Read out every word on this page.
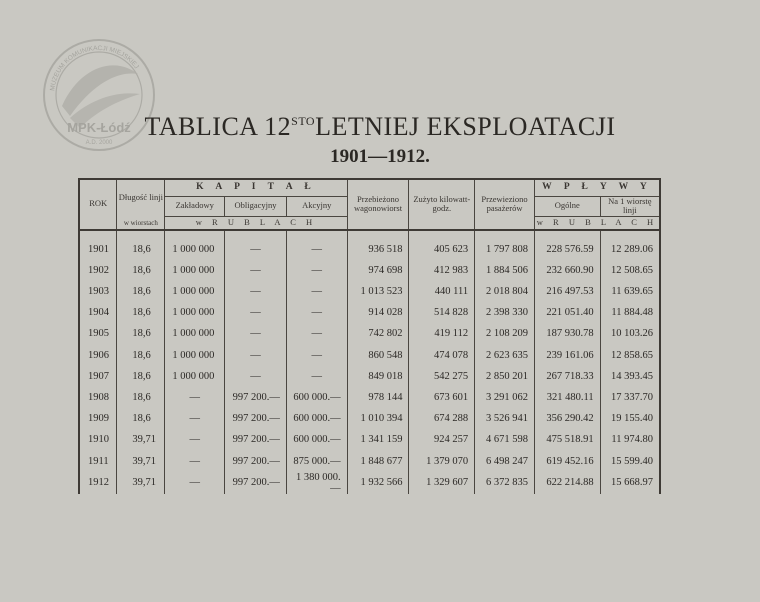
MPK-Łódź
A.D. 2000
MUZEUM KOMUNIKACJI MIEJSKIEJ
TABLICA $12^{STO}LETNIEJ$ EKSPLOATACJI
1901—1912.
ROK	Długość linji	K A P I T A Ł			Przebieżono wagonowiorst	Zużyto kilowatt-godz.	Przewieziono pasażerów	W P Ł Y W Y	
		Zakładowy	Obligacyjny	Akcyjny				Ogólne	Na 1 wiorstę linji
	w wiorstach	w R U B L A C H						w R U B L A C H	

1901	18,6	1 000 000	—	—	936 518	405 623	1 797 808	228 576.59	12 289.06
1902	18,6	1 000 000	—	—	974 698	412 983	1 884 506	232 660.90	12 508.65
1903	18,6	1 000 000	—	—	1 013 523	440 111	2 018 804	216 497.53	11 639.65
1904	18,6	1 000 000	—	—	914 028	514 828	2 398 330	221 051.40	11 884.48
1905	18,6	1 000 000	—	—	742 802	419 112	2 108 209	187 930.78	10 103.26
1906	18,6	1 000 000	—	—	860 548	474 078	2 623 635	239 161.06	12 858.65
1907	18,6	1 000 000	—	—	849 018	542 275	2 850 201	267 718.33	14 393.45
1908	18,6	—	997 200.—	600 000.—	978 144	673 601	3 291 062	321 480.11	17 337.70
1909	18,6	—	997 200.—	600 000.—	1 010 394	674 288	3 526 941	356 290.42	19 155.40
1910	39,71	—	997 200.—	600 000.—	1 341 159	924 257	4 671 598	475 518.91	11 974.80
1911	39,71	—	997 200.—	875 000.—	1 848 677	1 379 070	6 498 247	619 452.16	15 599.40
1912	39,71	—	997 200.—	1 380 000.—	1 932 566	1 329 607	6 372 835	622 214.88	15 668.97
